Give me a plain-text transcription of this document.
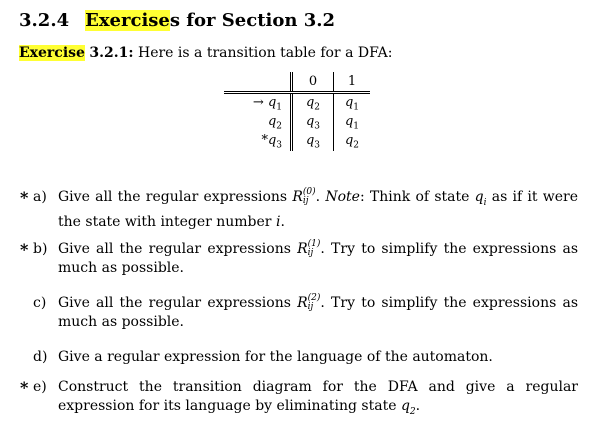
3.2.4 Exercises for Section 3.2
Exercise 3.2.1: Here is a transition table for a DFA:
	0	1
→ $q_1$	$q_2$	$q_1$
$q_2$	$q_3$	$q_1$
$*q_3$	$q_3$	$q_2$
* a) Give all the regular expressions R (0)
ij . Note: Think of state $q_i$ as if it were the state with integer number i.
* b) Give all the regular expressions R (1)
ij . Try to simplify the expressions as much as possible.
c) Give all the regular expressions R (2)
ij . Try to simplify the expressions as much as possible.
d) Give a regular expression for the language of the automaton.
* e) Construct the transition diagram for the DFA and give a regular expression for its language by eliminating state $q_2$.
